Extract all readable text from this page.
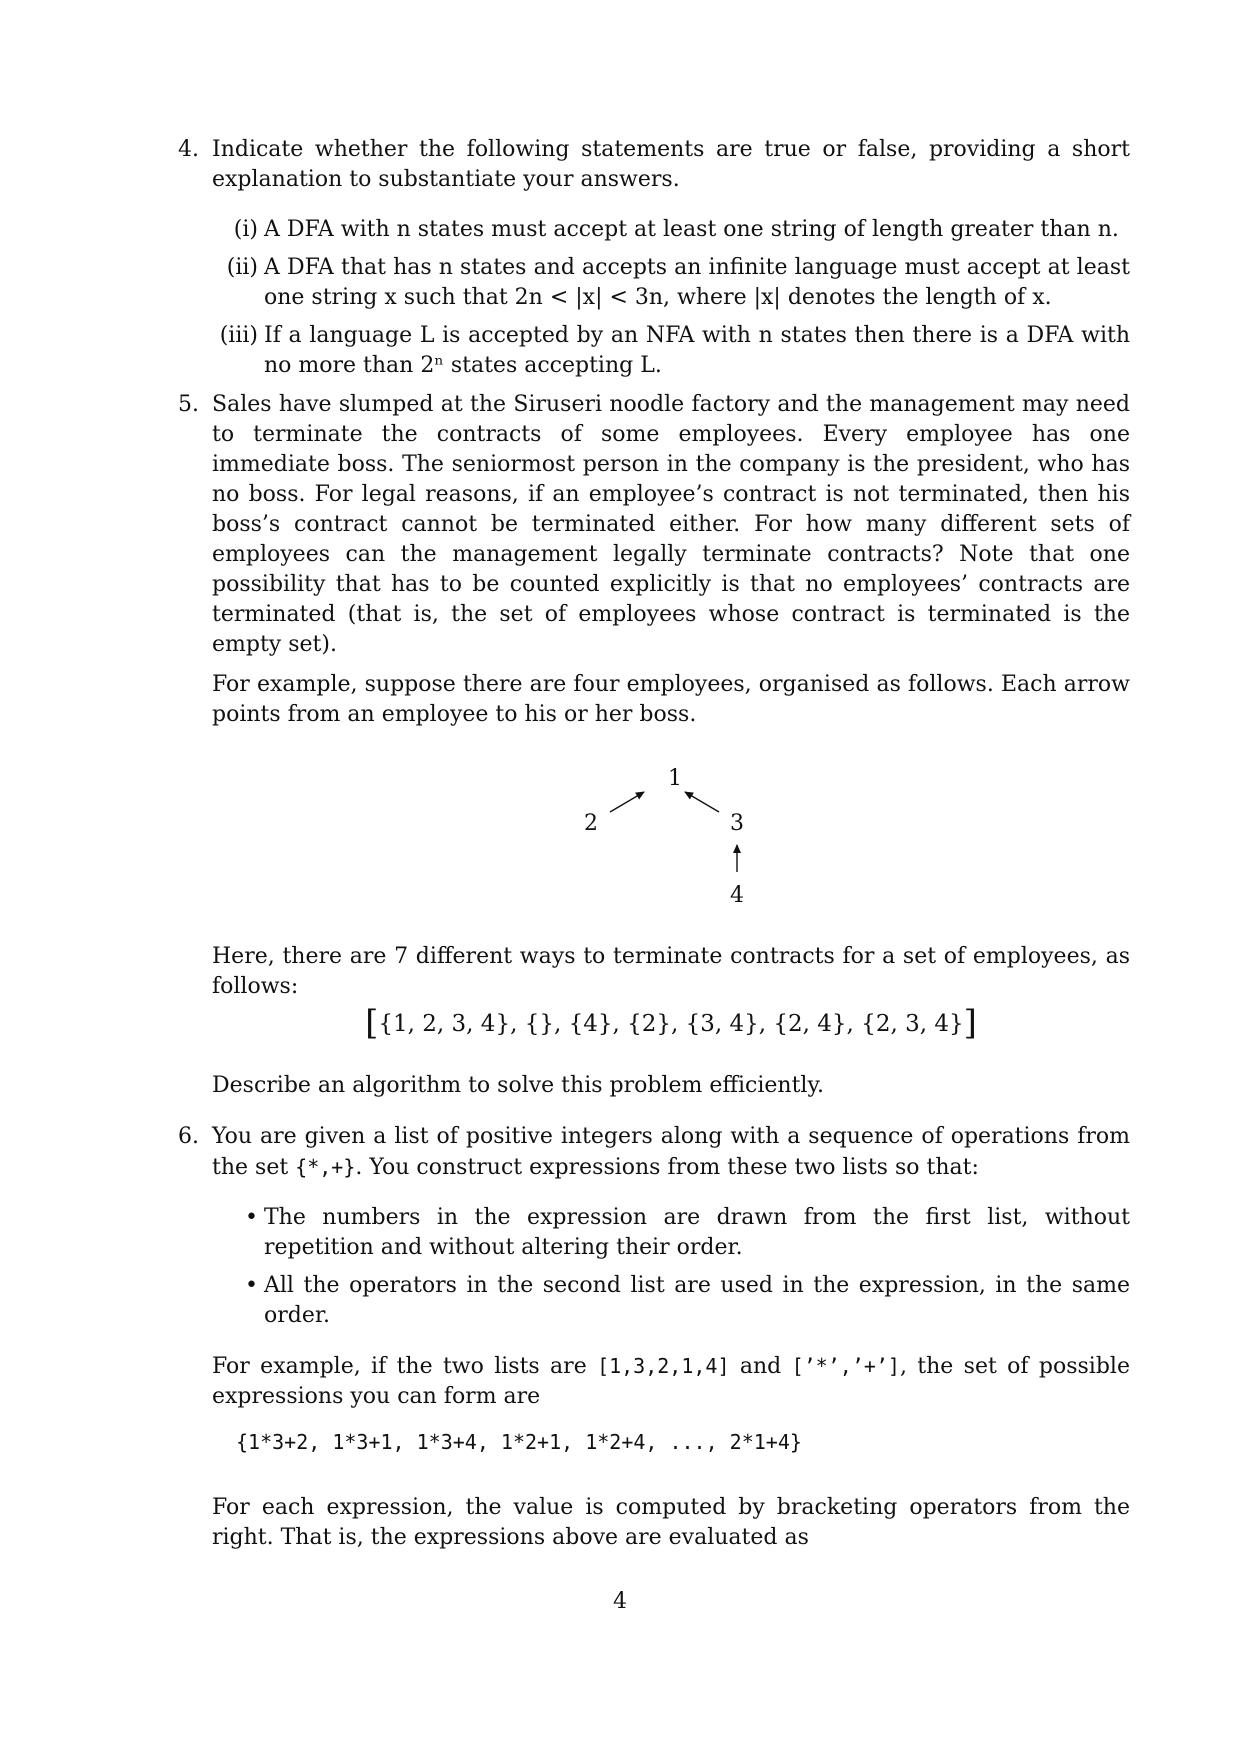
4. Indicate whether the following statements are true or false, providing a short explanation to substantiate your answers.

(i) A DFA with n states must accept at least one string of length greater than n.
(ii) A DFA that has n states and accepts an infinite language must accept at least one string x such that 2n < |x| < 3n, where |x| denotes the length of x.
(iii) If a language L is accepted by an NFA with n states then there is a DFA with no more than 2ⁿ states accepting L.
5. Sales have slumped at the Siruseri noodle factory and the management may need to terminate the contracts of some employees. Every employee has one immediate boss. The seniormost person in the company is the president, who has no boss. For legal reasons, if an employee’s contract is not terminated, then his boss’s contract cannot be terminated either. For how many different sets of employees can the management legally terminate contracts? Note that one possibility that has to be counted explicitly is that no employees’ contracts are terminated (that is, the set of employees whose contract is terminated is the empty set).

For example, suppose there are four employees, organised as follows. Each arrow points from an employee to his or her boss.

1
2	3
4

Here, there are 7 different ways to terminate contracts for a set of employees, as follows:

[{1, 2, 3, 4}, {}, {4}, {2}, {3, 4}, {2, 4}, {2, 3, 4}]

Describe an algorithm to solve this problem efficiently.

6. You are given a list of positive integers along with a sequence of operations from the set {*,+}. You construct expressions from these two lists so that:

• The numbers in the expression are drawn from the first list, without repetition and without altering their order.
• All the operators in the second list are used in the expression, in the same order.

For example, if the two lists are [1,3,2,1,4] and [’*’,’+’], the set of possible expressions you can form are

{1*3+2, 1*3+1, 1*3+4, 1*2+1, 1*2+4, ..., 2*1+4}

For each expression, the value is computed by bracketing operators from the right. That is, the expressions above are evaluated as

4
